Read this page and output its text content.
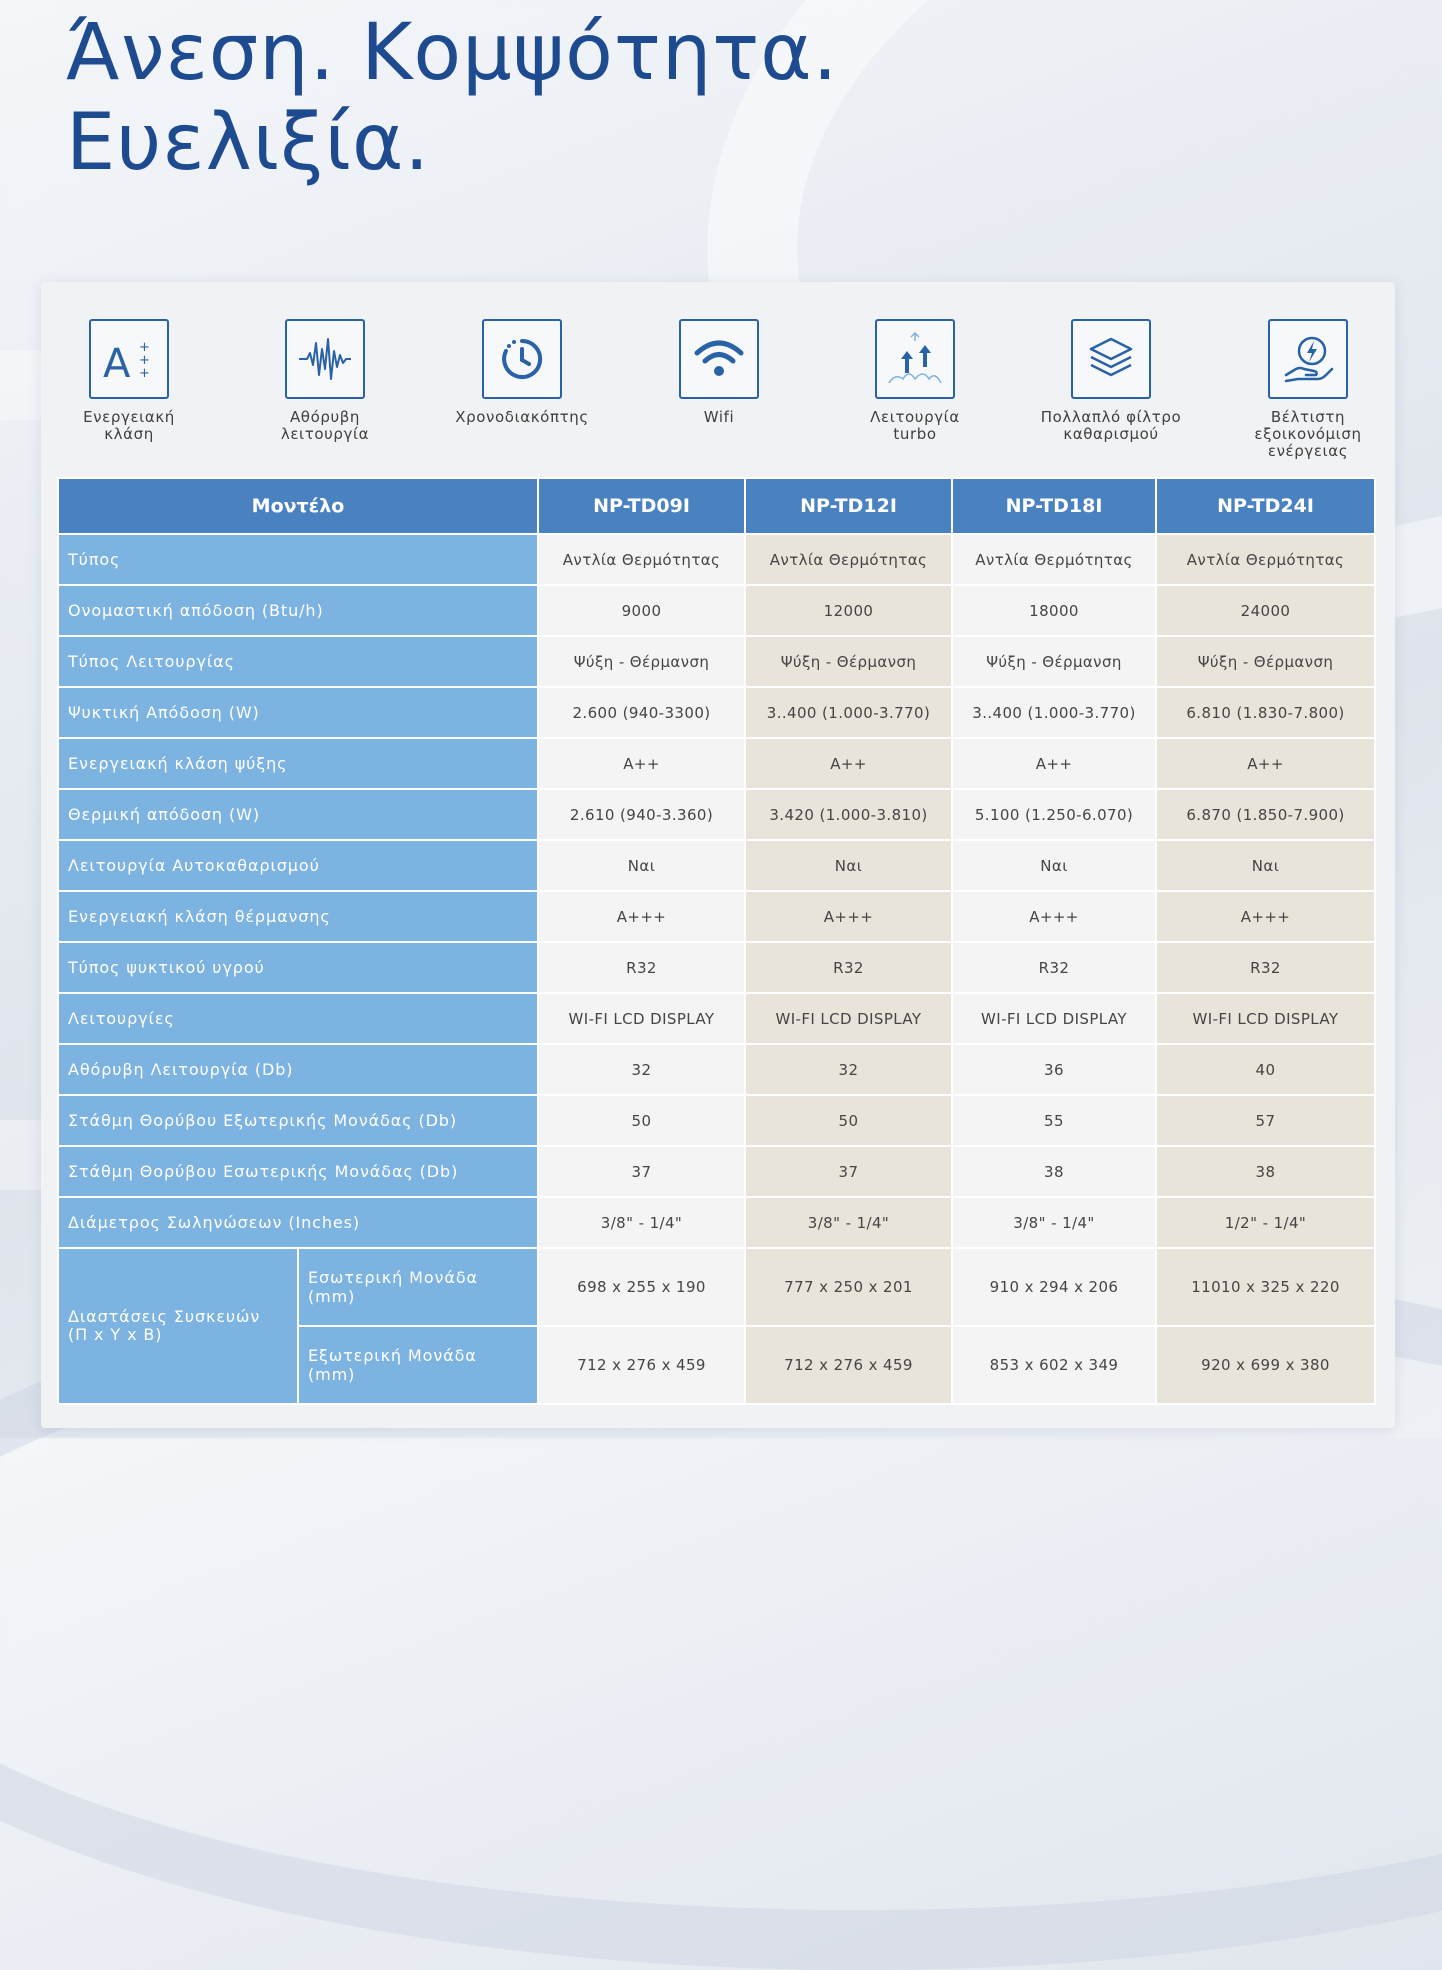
Άνεση. Κομψότητα.
Ευελιξία.
A +
+
+
Ενεργειακή
κλάση
Αθόρυβη
λειτουργία
Χρονοδιακόπτης	Wifi	Λειτουργία
turbo
Πολλαπλό φίλτρο
καθαρισμού
Βέλτιστη
εξοικονόμιση
ενέργειας
Μοντέλο		NP-TD09I	NP-TD12I	NP-TD18I	NP-TD24I
Τύπος		Αντλία Θερμότητας	Αντλία Θερμότητας	Αντλία Θερμότητας	Αντλία Θερμότητας
Ονομαστική απόδοση (Btu/h)		9000	12000	18000	24000
Τύπος Λειτουργίας		Ψύξη - Θέρμανση	Ψύξη - Θέρμανση	Ψύξη - Θέρμανση	Ψύξη - Θέρμανση
Ψυκτική Απόδοση (W)		2.600 (940-3300)	3..400 (1.000-3.770)	3..400 (1.000-3.770)	6.810 (1.830-7.800)
Ενεργειακή κλάση ψύξης		A++	A++	A++	A++
Θερμική απόδοση (W)		2.610 (940-3.360)	3.420 (1.000-3.810)	5.100 (1.250-6.070)	6.870 (1.850-7.900)
Λειτουργία Αυτοκαθαρισμού		Ναι	Ναι	Ναι	Ναι
Ενεργειακή κλάση θέρμανσης		A+++	A+++	A+++	A+++
Τύπος ψυκτικού υγρού		R32	R32	R32	R32
Λειτουργίες		WI-FI LCD DISPLAY	WI-FI LCD DISPLAY	WI-FI LCD DISPLAY	WI-FI LCD DISPLAY
Αθόρυβη Λειτουργία (Db)		32	32	36	40
Στάθμη Θορύβου Εξωτερικής Μονάδας (Db)		50	50	55	57
Στάθμη Θορύβου Εσωτερικής Μονάδας (Db)		37	37	38	38
Διάμετρος Σωληνώσεων (Inches)		3/8" - 1/4"	3/8" - 1/4"	3/8" - 1/4"	1/2" - 1/4"
Διαστάσεις Συσκευών
(Π x Υ x Β)	Εσωτερική Μονάδα (mm)	698 x 255 x 190	777 x 250 x 201	910 x 294 x 206	11010 x 325 x 220
	Εξωτερική Μονάδα (mm)	712 x 276 x 459	712 x 276 x 459	853 x 602 x 349	920 x 699 x 380
